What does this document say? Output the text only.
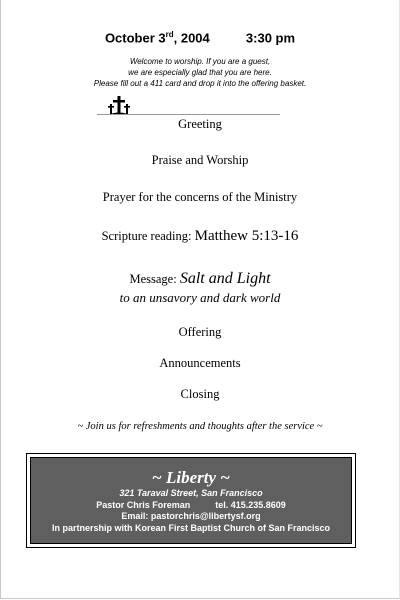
October 3rd, 2004	3:30 pm
Welcome to worship. If you are a guest,
we are especially glad that you are here.
Please fill out a 411 card and drop it into the offering basket.
Greeting
Praise and Worship
Prayer for the concerns of the Ministry
Scripture reading: Matthew 5:13-16
Message: Salt and Light
to an unsavory and dark world
Offering
Announcements
Closing
~ Join us for refreshments and thoughts after the service ~
~ Liberty ~
321 Taraval Street, San Francisco
Pastor Chris Foreman	tel. 415.235.8609
Email: pastorchris@libertysf.org
In partnership with Korean First Baptist Church of San Francisco
